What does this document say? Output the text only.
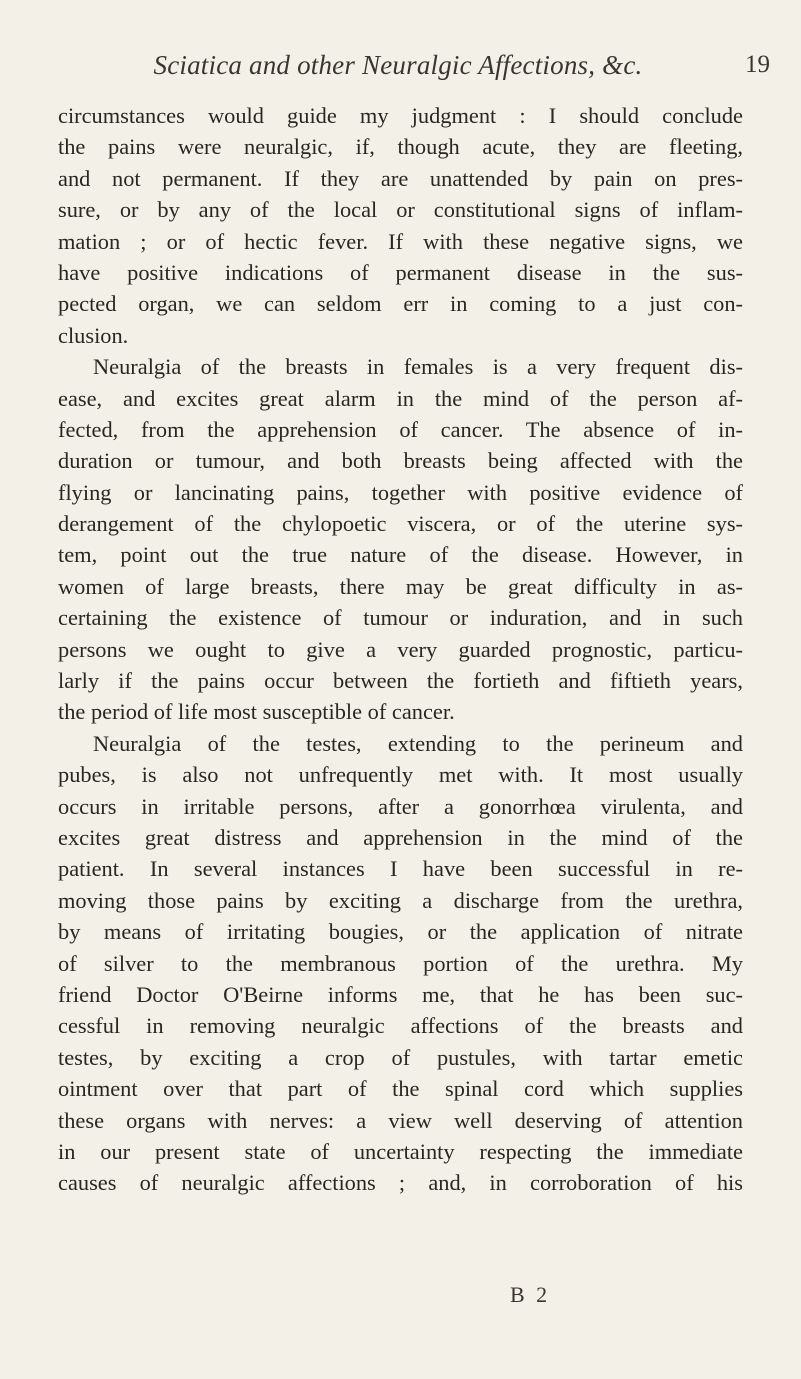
Sciatica and other Neuralgic Affections, &c.	19
circumstances would guide my judgment : I should conclude
the pains were neuralgic, if, though acute, they are fleeting,
and not permanent. If they are unattended by pain on pres-
sure, or by any of the local or constitutional signs of inflam-
mation ; or of hectic fever. If with these negative signs, we
have positive indications of permanent disease in the sus-
pected organ, we can seldom err in coming to a just con-
clusion.
Neuralgia of the breasts in females is a very frequent dis-
ease, and excites great alarm in the mind of the person af-
fected, from the apprehension of cancer. The absence of in-
duration or tumour, and both breasts being affected with the
flying or lancinating pains, together with positive evidence of
derangement of the chylopoetic viscera, or of the uterine sys-
tem, point out the true nature of the disease. However, in
women of large breasts, there may be great difficulty in as-
certaining the existence of tumour or induration, and in such
persons we ought to give a very guarded prognostic, particu-
larly if the pains occur between the fortieth and fiftieth years,
the period of life most susceptible of cancer.
Neuralgia of the testes, extending to the perineum and
pubes, is also not unfrequently met with. It most usually
occurs in irritable persons, after a gonorrhœa virulenta, and
excites great distress and apprehension in the mind of the
patient. In several instances I have been successful in re-
moving those pains by exciting a discharge from the urethra,
by means of irritating bougies, or the application of nitrate
of silver to the membranous portion of the urethra. My
friend Doctor O'Beirne informs me, that he has been suc-
cessful in removing neuralgic affections of the breasts and
testes, by exciting a crop of pustules, with tartar emetic
ointment over that part of the spinal cord which supplies
these organs with nerves: a view well deserving of attention
in our present state of uncertainty respecting the immediate
causes of neuralgic affections ; and, in corroboration of his
B 2
